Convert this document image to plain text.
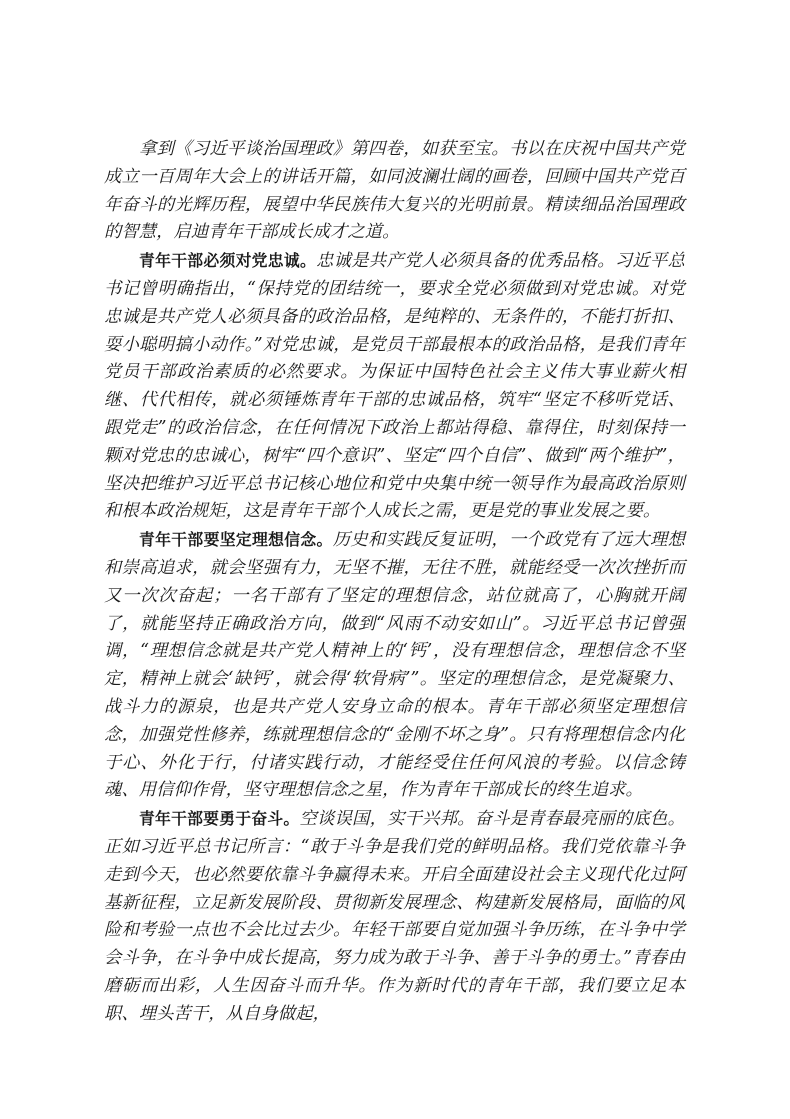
拿到《习近平谈治国理政》第四卷，如获至宝。书以在庆祝中国共产党成立一百周年大会上的讲话开篇，如同波澜壮阔的画卷，回顾中国共产党百年奋斗的光辉历程，展望中华民族伟大复兴的光明前景。精读细品治国理政的智慧，启迪青年干部成长成才之道。

青年干部必须对党忠诚。忠诚是共产党人必须具备的优秀品格。习近平总书记曾明确指出，“保持党的团结统一，要求全党必须做到对党忠诚。对党忠诚是共产党人必须具备的政治品格，是纯粹的、无条件的，不能打折扣、耍小聪明搞小动作。”对党忠诚，是党员干部最根本的政治品格，是我们青年党员干部政治素质的必然要求。为保证中国特色社会主义伟大事业薪火相继、代代相传，就必须锤炼青年干部的忠诚品格，筑牢“坚定不移听党话、跟党走”的政治信念，在任何情况下政治上都站得稳、靠得住，时刻保持一颗对党忠的忠诚心，树牢“四个意识”、坚定“四个自信”、做到“两个维护”，坚决把维护习近平总书记核心地位和党中央集中统一领导作为最高政治原则和根本政治规矩，这是青年干部个人成长之需，更是党的事业发展之要。

青年干部要坚定理想信念。历史和实践反复证明，一个政党有了远大理想和崇高追求，就会坚强有力，无坚不摧，无往不胜，就能经受一次次挫折而又一次次奋起；一名干部有了坚定的理想信念，站位就高了，心胸就开阔了，就能坚持正确政治方向，做到“风雨不动安如山”。习近平总书记曾强调，“理想信念就是共产党人精神上的‘钙’，没有理想信念，理想信念不坚定，精神上就会‘缺钙’，就会得‘软骨病’”。坚定的理想信念，是党凝聚力、战斗力的源泉，也是共产党人安身立命的根本。青年干部必须坚定理想信念，加强党性修养，练就理想信念的“金刚不坏之身”。只有将理想信念内化于心、外化于行，付诸实践行动，才能经受住任何风浪的考验。以信念铸魂、用信仰作骨，坚守理想信念之星，作为青年干部成长的终生追求。

青年干部要勇于奋斗。空谈误国，实干兴邦。奋斗是青春最亮丽的底色。正如习近平总书记所言：“敢于斗争是我们党的鲜明品格。我们党依靠斗争走到今天，也必然要依靠斗争赢得未来。开启全面建设社会主义现代化过阿基新征程，立足新发展阶段、贯彻新发展理念、构建新发展格局，面临的风险和考验一点也不会比过去少。年轻干部要自觉加强斗争历练，在斗争中学会斗争，在斗争中成长提高，努力成为敢于斗争、善于斗争的勇士。”青春由磨砺而出彩，人生因奋斗而升华。作为新时代的青年干部，我们要立足本职、埋头苦干，从自身做起，
